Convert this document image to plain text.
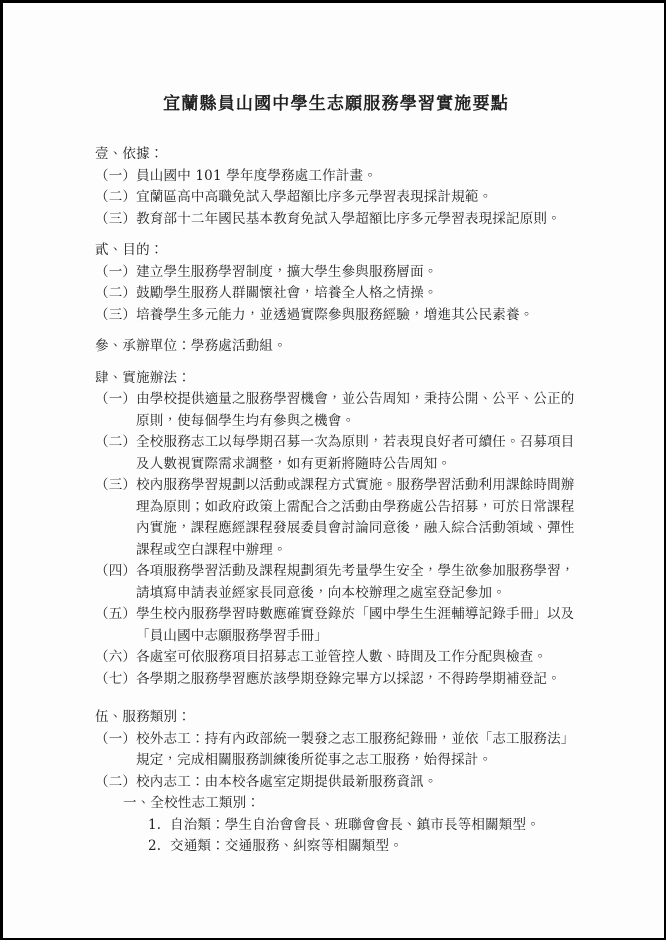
宜蘭縣員山國中學生志願服務學習實施要點

壹、依據：

（一）員山國中 101 學年度學務處工作計畫。

（二）宜蘭區高中高職免試入學超額比序多元學習表現採計規範。

（三）教育部十二年國民基本教育免試入學超額比序多元學習表現採記原則。

貳、目的：

（一）建立學生服務學習制度，擴大學生參與服務層面。

（二）鼓勵學生服務人群關懷社會，培養全人格之情操。

（三）培養學生多元能力，並透過實際參與服務經驗，增進其公民素養。

參、承辦單位：學務處活動組。

肆、實施辦法：

（一）由學校提供適量之服務學習機會，並公告周知，秉持公開、公平、公正的原則，使每個學生均有參與之機會。

（二）全校服務志工以每學期召募一次為原則，若表現良好者可續任。召募項目及人數視實際需求調整，如有更新將隨時公告周知。

（三）校內服務學習規劃以活動或課程方式實施。服務學習活動利用課餘時間辦理為原則；如政府政策上需配合之活動由學務處公告招募，可於日常課程內實施，課程應經課程發展委員會討論同意後，融入綜合活動領域、彈性課程或空白課程中辦理。

（四）各項服務學習活動及課程規劃須先考量學生安全，學生欲參加服務學習，請填寫申請表並經家長同意後，向本校辦理之處室登記參加。

（五）學生校內服務學習時數應確實登錄於「國中學生生涯輔導記錄手冊」以及「員山國中志願服務學習手冊」

（六）各處室可依服務項目招募志工並管控人數、時間及工作分配與檢查。

（七）各學期之服務學習應於該學期登錄完畢方以採認，不得跨學期補登記。

伍、服務類別：

（一）校外志工：持有內政部統一製發之志工服務紀錄冊，並依「志工服務法」規定，完成相關服務訓練後所從事之志工服務，始得採計。

（二）校內志工：由本校各處室定期提供最新服務資訊。

一、全校性志工類別：

1. 自治類：學生自治會會長、班聯會會長、鎮市長等相關類型。

2. 交通類：交通服務、糾察等相關類型。
